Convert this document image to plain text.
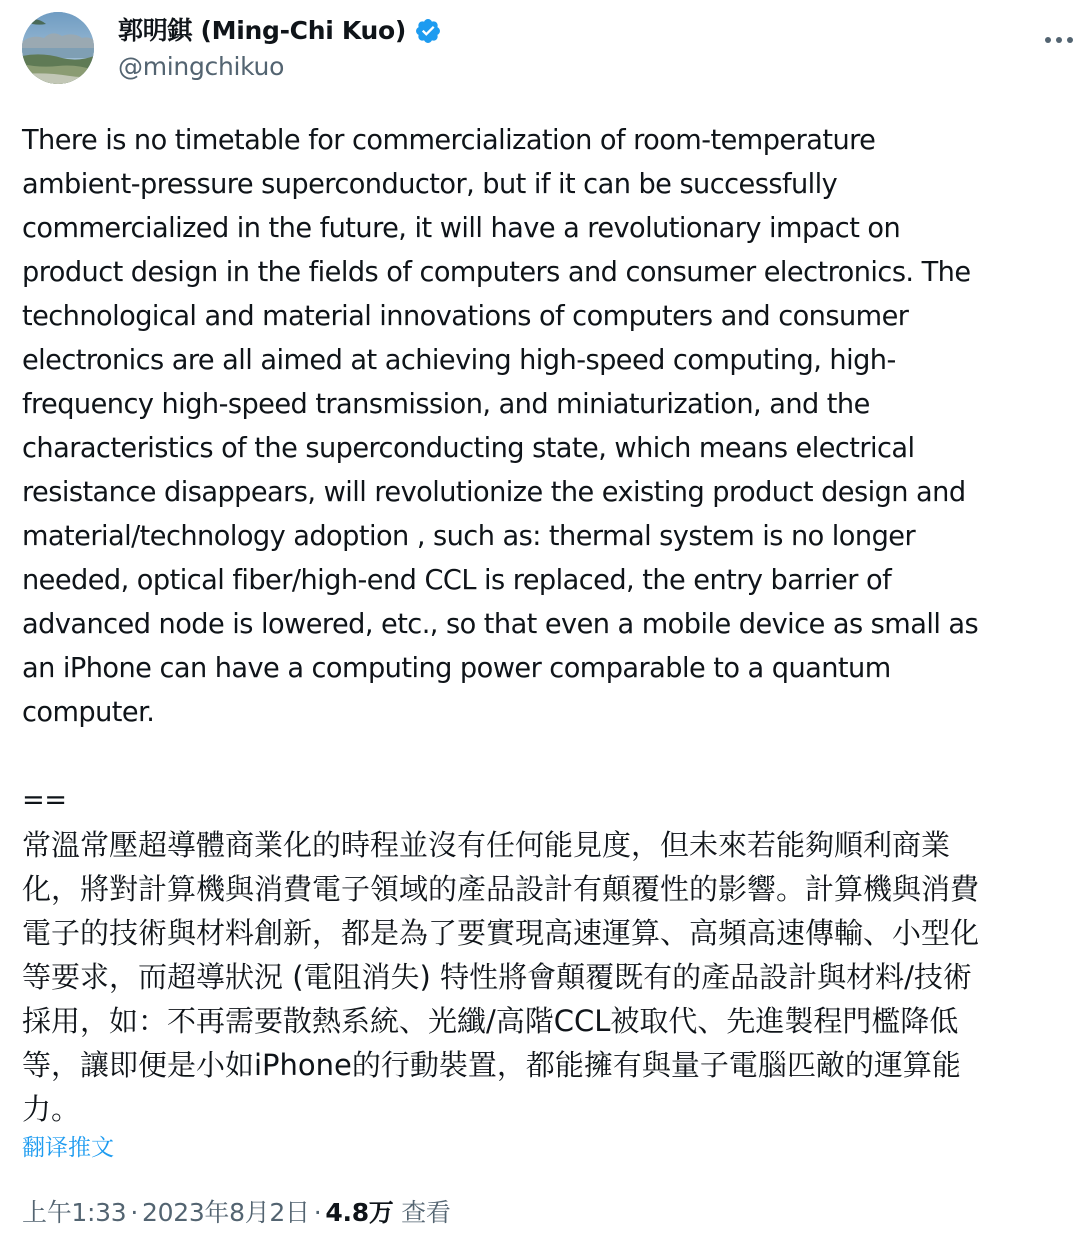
郭明錤 (Ming-Chi Kuo)
@mingchikuo
There is no timetable for commercialization of room-temperature
ambient-pressure superconductor, but if it can be successfully
commercialized in the future, it will have a revolutionary impact on
product design in the fields of computers and consumer electronics. The
technological and material innovations of computers and consumer
electronics are all aimed at achieving high-speed computing, high-
frequency high-speed transmission, and miniaturization, and the
characteristics of the superconducting state, which means electrical
resistance disappears, will revolutionize the existing product design and
material/technology adoption , such as: thermal system is no longer
needed, optical fiber/high-end CCL is replaced, the entry barrier of
advanced node is lowered, etc., so that even a mobile device as small as
an iPhone can have a computing power comparable to a quantum
computer.
==
常溫常壓超導體商業化的時程並沒有任何能見度，但未來若能夠順利商業
化，將對計算機與消費電子領域的產品設計有顛覆性的影響。計算機與消費
電子的技術與材料創新，都是為了要實現高速運算、高頻高速傳輸、小型化
等要求，而超導狀況 (電阻消失) 特性將會顛覆既有的產品設計與材料/技術
採用，如：不再需要散熱系統、光纖/高階CCL被取代、先進製程門檻降低
等，讓即便是小如iPhone的行動裝置，都能擁有與量子電腦匹敵的運算能
力。
翻译推文
上午1:33 · 2023年8月2日 · 4.8万 查看
